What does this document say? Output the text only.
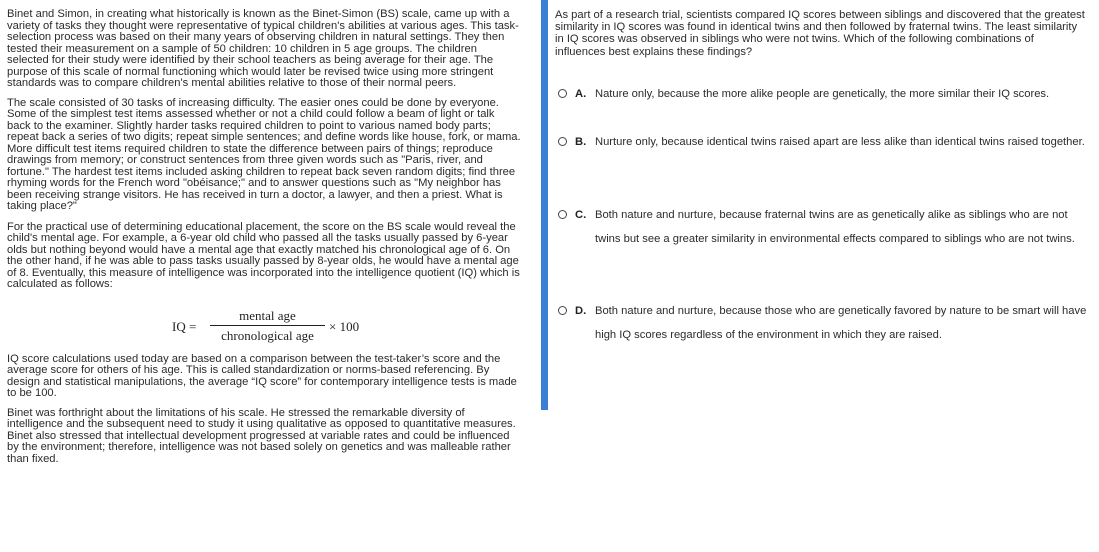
Binet and Simon, in creating what historically is known as the Binet-Simon (BS) scale, came up with a variety of tasks they thought were representative of typical children's abilities at various ages. This task-selection process was based on their many years of observing children in natural settings. They then tested their measurement on a sample of 50 children: 10 children in 5 age groups. The children selected for their study were identified by their school teachers as being average for their age. The purpose of this scale of normal functioning which would later be revised twice using more stringent standards was to compare children's mental abilities relative to those of their normal peers.

The scale consisted of 30 tasks of increasing difficulty. The easier ones could be done by everyone. Some of the simplest test items assessed whether or not a child could follow a beam of light or talk back to the examiner. Slightly harder tasks required children to point to various named body parts; repeat back a series of two digits; repeat simple sentences; and define words like house, fork, or mama. More difficult test items required children to state the difference between pairs of things; reproduce drawings from memory; or construct sentences from three given words such as "Paris, river, and fortune." The hardest test items included asking children to repeat back seven random digits; find three rhyming words for the French word "obéisance;" and to answer questions such as "My neighbor has been receiving strange visitors. He has received in turn a doctor, a lawyer, and then a priest. What is taking place?"

For the practical use of determining educational placement, the score on the BS scale would reveal the child's mental age. For example, a 6-year old child who passed all the tasks usually passed by 6-year olds but nothing beyond would have a mental age that exactly matched his chronological age of 6. On the other hand, if he was able to pass tasks usually passed by 8-year olds, he would have a mental age of 8. Eventually, this measure of intelligence was incorporated into the intelligence quotient (IQ) which is calculated as follows:

IQ =
mental age
chronological age
× 100

IQ score calculations used today are based on a comparison between the test-taker’s score and the average score for others of his age. This is called standardization or norms-based referencing. By design and statistical manipulations, the average “IQ score” for contemporary intelligence tests is made to be 100.

Binet was forthright about the limitations of his scale. He stressed the remarkable diversity of intelligence and the subsequent need to study it using qualitative as opposed to quantitative measures. Binet also stressed that intellectual development progressed at variable rates and could be influenced by the environment; therefore, intelligence was not based solely on genetics and was malleable rather than fixed.

As part of a research trial, scientists compared IQ scores between siblings and discovered that the greatest similarity in IQ scores was found in identical twins and then followed by fraternal twins. The least similarity in IQ scores was observed in siblings who were not twins. Which of the following combinations of influences best explains these findings?
A. Nature only, because the more alike people are genetically, the more similar their IQ scores.
B. Nurture only, because identical twins raised apart are less alike than identical twins raised together.
C. Both nature and nurture, because fraternal twins are as genetically alike as siblings who are not twins but see a greater similarity in environmental effects compared to siblings who are not twins.
D. Both nature and nurture, because those who are genetically favored by nature to be smart will have high IQ scores regardless of the environment in which they are raised.
